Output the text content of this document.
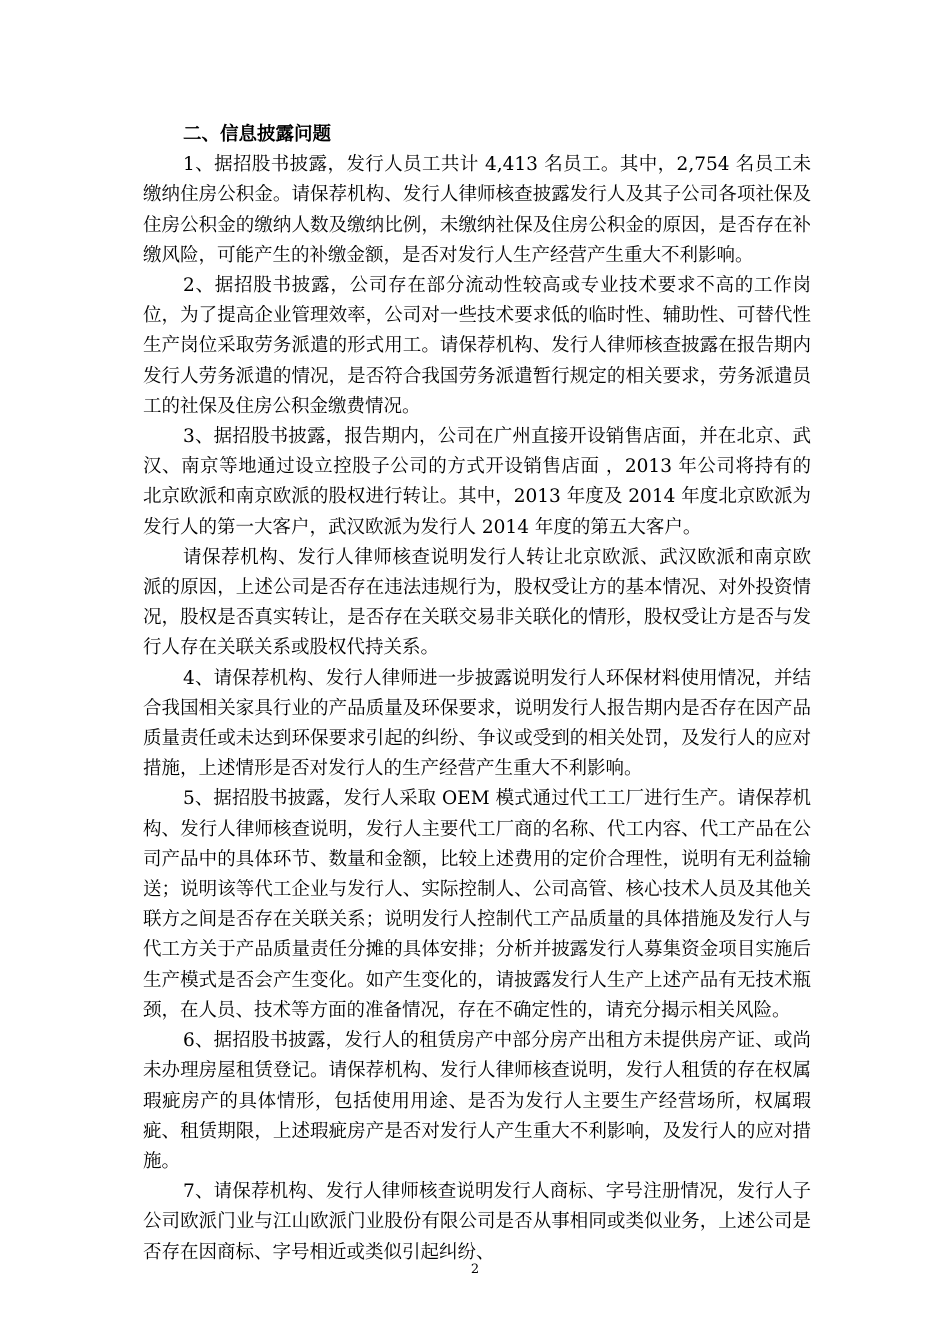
二、信息披露问题

1、据招股书披露，发行人员工共计 4,413 名员工。其中，2,754 名员工未缴纳住房公积金。请保荐机构、发行人律师核查披露发行人及其子公司各项社保及住房公积金的缴纳人数及缴纳比例，未缴纳社保及住房公积金的原因，是否存在补缴风险，可能产生的补缴金额，是否对发行人生产经营产生重大不利影响。

2、据招股书披露，公司存在部分流动性较高或专业技术要求不高的工作岗位，为了提高企业管理效率，公司对一些技术要求低的临时性、辅助性、可替代性生产岗位采取劳务派遣的形式用工。请保荐机构、发行人律师核查披露在报告期内发行人劳务派遣的情况，是否符合我国劳务派遣暂行规定的相关要求，劳务派遣员工的社保及住房公积金缴费情况。

3、据招股书披露，报告期内，公司在广州直接开设销售店面，并在北京、武汉、南京等地通过设立控股子公司的方式开设销售店面 ，2013 年公司将持有的北京欧派和南京欧派的股权进行转让。其中，2013 年度及 2014 年度北京欧派为发行人的第一大客户，武汉欧派为发行人 2014 年度的第五大客户。

请保荐机构、发行人律师核查说明发行人转让北京欧派、武汉欧派和南京欧派的原因，上述公司是否存在违法违规行为，股权受让方的基本情况、对外投资情况，股权是否真实转让，是否存在关联交易非关联化的情形，股权受让方是否与发行人存在关联关系或股权代持关系。

4、请保荐机构、发行人律师进一步披露说明发行人环保材料使用情况，并结合我国相关家具行业的产品质量及环保要求，说明发行人报告期内是否存在因产品质量责任或未达到环保要求引起的纠纷、争议或受到的相关处罚，及发行人的应对措施，上述情形是否对发行人的生产经营产生重大不利影响。

5、据招股书披露，发行人采取 OEM 模式通过代工工厂进行生产。请保荐机构、发行人律师核查说明，发行人主要代工厂商的名称、代工内容、代工产品在公司产品中的具体环节、数量和金额，比较上述费用的定价合理性，说明有无利益输送；说明该等代工企业与发行人、实际控制人、公司高管、核心技术人员及其他关联方之间是否存在关联关系；说明发行人控制代工产品质量的具体措施及发行人与代工方关于产品质量责任分摊的具体安排；分析并披露发行人募集资金项目实施后生产模式是否会产生变化。如产生变化的，请披露发行人生产上述产品有无技术瓶颈，在人员、技术等方面的准备情况，存在不确定性的，请充分揭示相关风险。

6、据招股书披露，发行人的租赁房产中部分房产出租方未提供房产证、或尚未办理房屋租赁登记。请保荐机构、发行人律师核查说明，发行人租赁的存在权属瑕疵房产的具体情形，包括使用用途、是否为发行人主要生产经营场所，权属瑕疵、租赁期限，上述瑕疵房产是否对发行人产生重大不利影响，及发行人的应对措施。

7、请保荐机构、发行人律师核查说明发行人商标、字号注册情况，发行人子公司欧派门业与江山欧派门业股份有限公司是否从事相同或类似业务，上述公司是否存在因商标、字号相近或类似引起纠纷、

2
